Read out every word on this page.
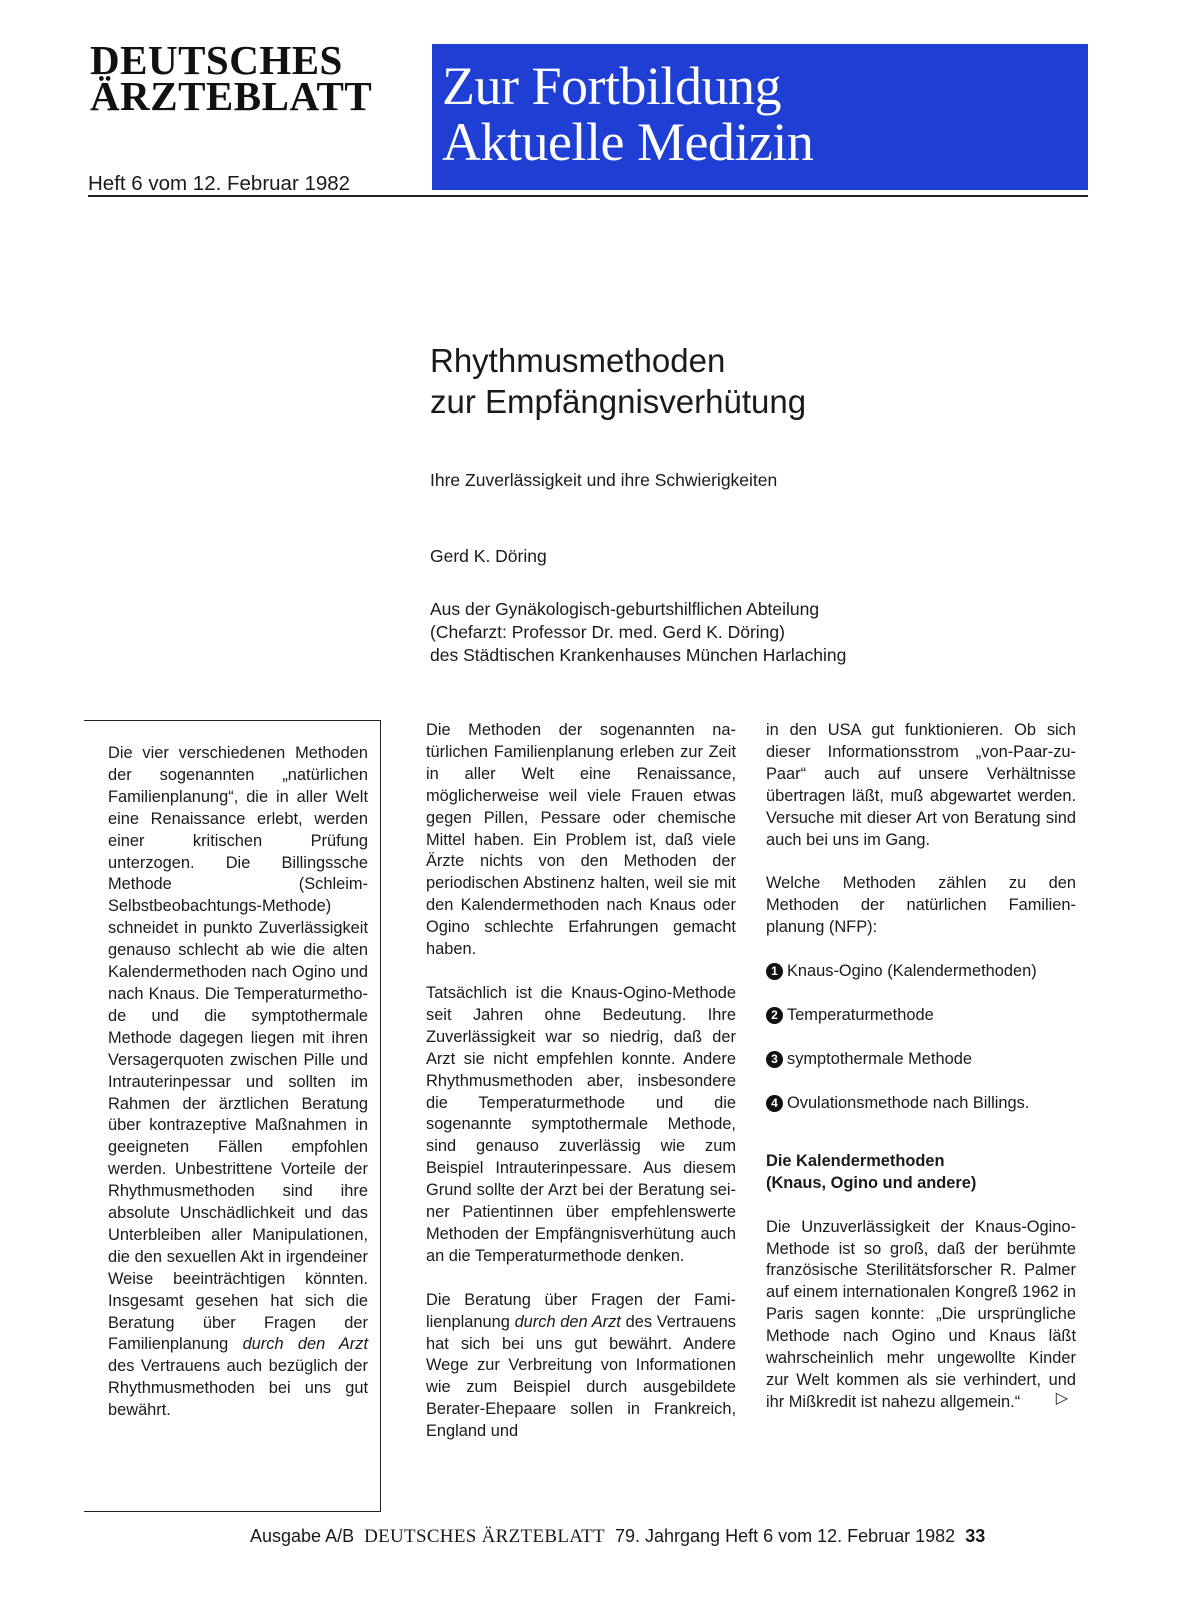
DEUTSCHES
ÄRZTEBLATT
Heft 6 vom 12. Februar 1982
Zur Fortbildung
Aktuelle Medizin
Rhythmusmethoden
zur Empfängnisverhütung
Ihre Zuverlässigkeit und ihre Schwierigkeiten
Gerd K. Döring
Aus der Gynäkologisch-geburtshilflichen Abteilung
(Chefarzt: Professor Dr. med. Gerd K. Döring)
des Städtischen Krankenhauses München Harlaching
Die vier verschiedenen Methoden der sogenannten „natürlichen Familienplanung“, die in aller Welt eine Renaissance erlebt, werden einer kritischen Prüfung unterzogen. Die Billingssche Methode (Schleim-Selbstbeobachtungs-Methode) schneidet in punkto Zuverlässigkeit genauso schlecht ab wie die alten Kalendermethoden nach Ogino und nach Knaus. Die Temperaturmethode und die symptothermale Methode dagegen liegen mit ihren Versagerquoten zwischen Pille und Intrauterinpessar und sollten im Rahmen der ärztlichen Beratung über kontrazeptive Maßnahmen in geeigneten Fällen empfohlen werden. Unbestrittene Vorteile der Rhythmusmethoden sind ihre absolute Unschädlichkeit und das Unterbleiben aller Manipulationen, die den sexuellen Akt in irgendeiner Weise beeinträchtigen könnten. Insgesamt gesehen hat sich die Beratung über Fragen der Familienplanung durch den Arzt des Vertrauens auch bezüglich der Rhythmusmethoden bei uns gut bewährt.

Die Methoden der sogenannten natürlichen Familienplanung erleben zur Zeit in aller Welt eine Renaissance, möglicherweise weil viele Frauen etwas gegen Pillen, Pessare oder chemische Mittel haben. Ein Problem ist, daß viele Ärzte nichts von den Methoden der periodischen Abstinenz halten, weil sie mit den Kalendermethoden nach Knaus oder Ogino schlechte Erfahrungen gemacht haben.

Tatsächlich ist die Knaus-Ogino-Methode seit Jahren ohne Bedeutung. Ihre Zuverlässigkeit war so niedrig, daß der Arzt sie nicht empfehlen konnte. Andere Rhythmusmethoden aber, insbesondere die Temperaturmethode und die sogenannte symptothermale Methode, sind genauso zuverlässig wie zum Beispiel Intrauterinpessare. Aus diesem Grund sollte der Arzt bei der Beratung seiner Patientinnen über empfehlenswerte Methoden der Empfängnisverhütung auch an die Temperaturmethode denken.

Die Beratung über Fragen der Familienplanung durch den Arzt des Vertrauens hat sich bei uns gut bewährt. Andere Wege zur Verbreitung von Informationen wie zum Beispiel durch ausgebildete Berater-Ehepaare sollen in Frankreich, England und

in den USA gut funktionieren. Ob sich dieser Informationsstrom „von-Paar-zu-Paar“ auch auf unsere Verhältnisse übertragen läßt, muß abgewartet werden. Versuche mit dieser Art von Beratung sind auch bei uns im Gang.

Welche Methoden zählen zu den Methoden der natürlichen Familienplanung (NFP):

1 Knaus-Ogino (Kalendermethoden)
2 Temperaturmethode
3 symptothermale Methode
4 Ovulationsmethode nach Billings.
Die Kalendermethoden
(Knaus, Ogino und andere)

Die Unzuverlässigkeit der Knaus-Ogino-Methode ist so groß, daß der berühmte französische Sterilitätsforscher R. Palmer auf einem internationalen Kongreß 1962 in Paris sagen konnte: „Die ursprüngliche Methode nach Ogino und Knaus läßt wahrscheinlich mehr ungewollte Kinder zur Welt kommen als sie verhindert, und ihr Mißkredit ist nahezu allgemein.“ ▷

Ausgabe A/B DEUTSCHES ÄRZTEBLATT 79. Jahrgang Heft 6 vom 12. Februar 1982 33
